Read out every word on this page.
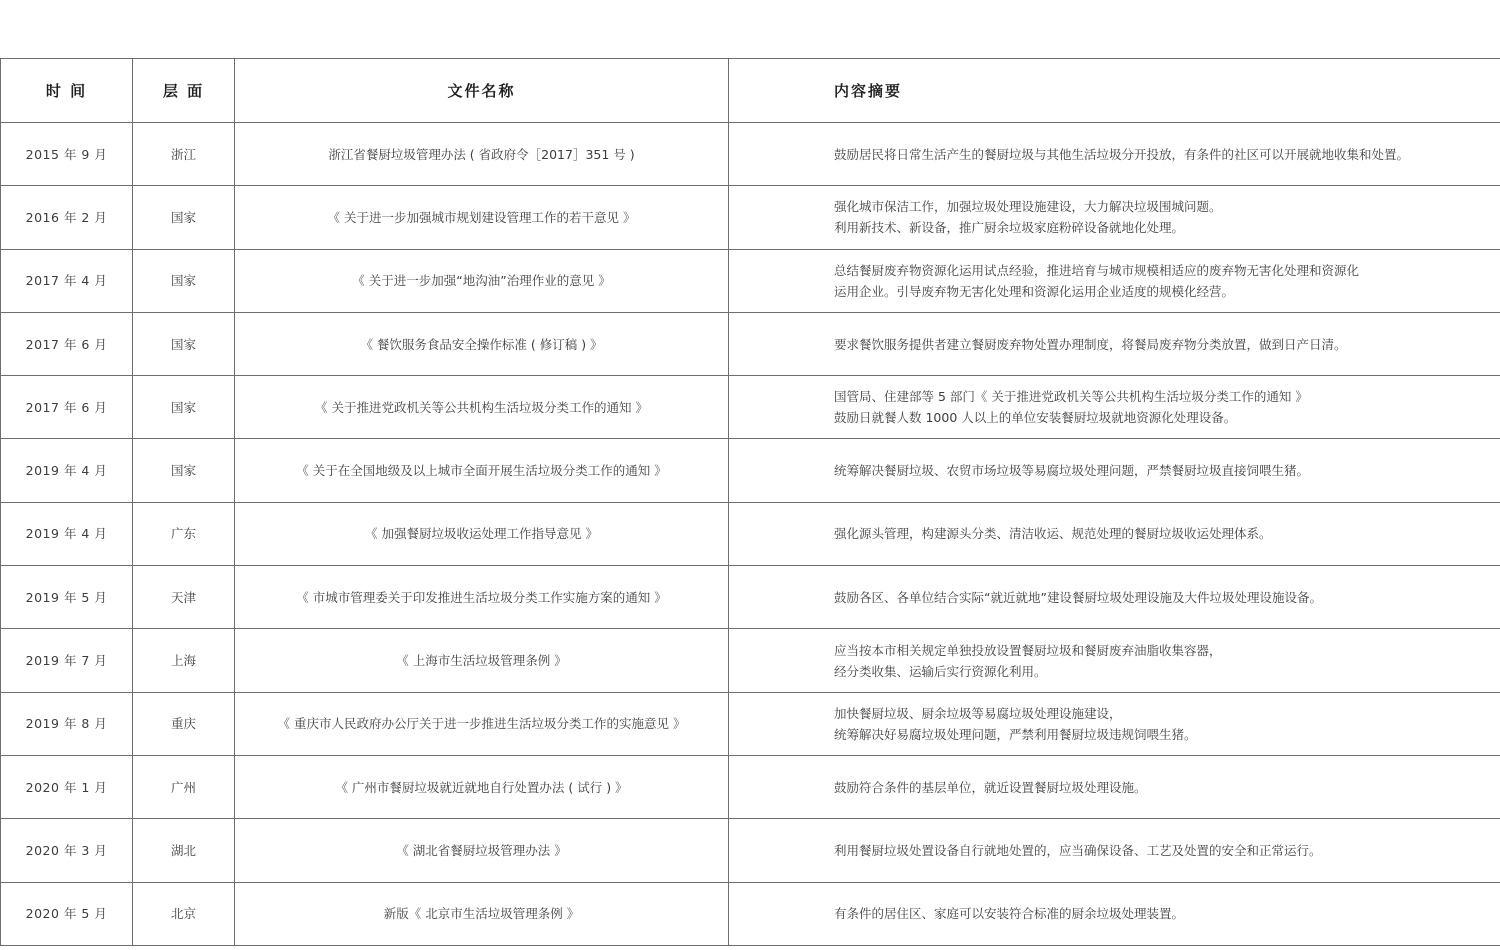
时 间	层 面	文件名称	内容摘要
2015 年 9 月	浙江	浙江省餐厨垃圾管理办法 ( 省政府令［2017］351 号 )	鼓励居民将日常生活产生的餐厨垃圾与其他生活垃圾分开投放，有条件的社区可以开展就地收集和处置。

2016 年 2 月	国家	《 关于进一步加强城市规划建设管理工作的若干意见 》	强化城市保洁工作，加强垃圾处理设施建设，大力解决垃圾围城问题。
利用新技术、新设备，推广厨余垃圾家庭粉碎设备就地化处理。

2017 年 4 月	国家	《 关于进一步加强“地沟油”治理作业的意见 》	总结餐厨废弃物资源化运用试点经验，推进培育与城市规模相适应的废弃物无害化处理和资源化
运用企业。引导废弃物无害化处理和资源化运用企业适度的规模化经营。

2017 年 6 月	国家	《 餐饮服务食品安全操作标准 ( 修订稿 ) 》	要求餐饮服务提供者建立餐厨废弃物处置办理制度，将餐局废弃物分类放置，做到日产日清。

2017 年 6 月	国家	《 关于推进党政机关等公共机构生活垃圾分类工作的通知 》	国管局、住建部等 5 部门《 关于推进党政机关等公共机构生活垃圾分类工作的通知 》
鼓励日就餐人数 1000 人以上的单位安装餐厨垃圾就地资源化处理设备。

2019 年 4 月	国家	《 关于在全国地级及以上城市全面开展生活垃圾分类工作的通知 》	统筹解决餐厨垃圾、农贸市场垃圾等易腐垃圾处理问题，严禁餐厨垃圾直接饲喂生猪。

2019 年 4 月	广东	《 加强餐厨垃圾收运处理工作指导意见 》	强化源头管理，构建源头分类、清洁收运、规范处理的餐厨垃圾收运处理体系。

2019 年 5 月	天津	《 市城市管理委关于印发推进生活垃圾分类工作实施方案的通知 》	鼓励各区、各单位结合实际“就近就地”建设餐厨垃圾处理设施及大件垃圾处理设施设备。

2019 年 7 月	上海	《 上海市生活垃圾管理条例 》	应当按本市相关规定单独投放设置餐厨垃圾和餐厨废弃油脂收集容器，
经分类收集、运输后实行资源化利用。

2019 年 8 月	重庆	《 重庆市人民政府办公厅关于进一步推进生活垃圾分类工作的实施意见 》	加快餐厨垃圾、厨余垃圾等易腐垃圾处理设施建设，
统筹解决好易腐垃圾处理问题，严禁利用餐厨垃圾违规饲喂生猪。

2020 年 1 月	广州	《 广州市餐厨垃圾就近就地自行处置办法 ( 试行 ) 》	鼓励符合条件的基层单位，就近设置餐厨垃圾处理设施。

2020 年 3 月	湖北	《 湖北省餐厨垃圾管理办法 》	利用餐厨垃圾处置设备自行就地处置的，应当确保设备、工艺及处置的安全和正常运行。

2020 年 5 月	北京	新版《 北京市生活垃圾管理条例 》	有条件的居住区、家庭可以安装符合标准的厨余垃圾处理装置。
